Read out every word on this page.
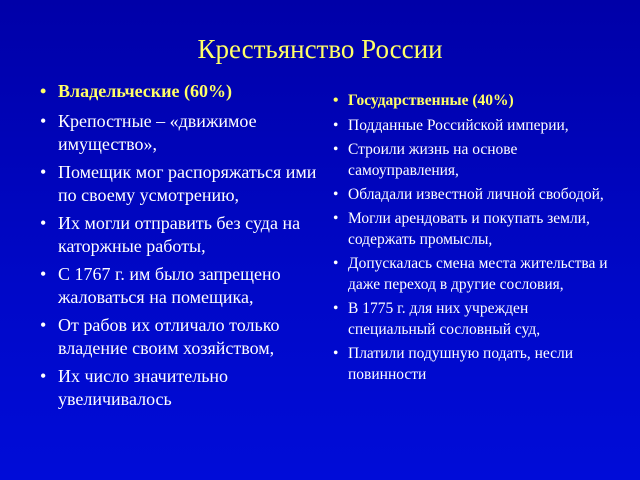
Крестьянство России
• Владельческие (60%)
• Крепостные – «движимое имущество»,
• Помещик мог распоряжаться ими по своему усмотрению,
• Их могли отправить без суда на каторжные работы,
• С 1767 г. им было запрещено жаловаться на помещика,
• От рабов их отличало только владение своим хозяйством,
• Их число значительно увеличивалось
• Государственные (40%)
• Подданные Российской империи,
• Строили жизнь на основе самоуправления,
• Обладали известной личной свободой,
• Могли арендовать и покупать земли, содержать промыслы,
• Допускалась смена места жительства и даже переход в другие сословия,
• В 1775 г. для них учрежден специальный сословный суд,
• Платили подушную подать, несли повинности
